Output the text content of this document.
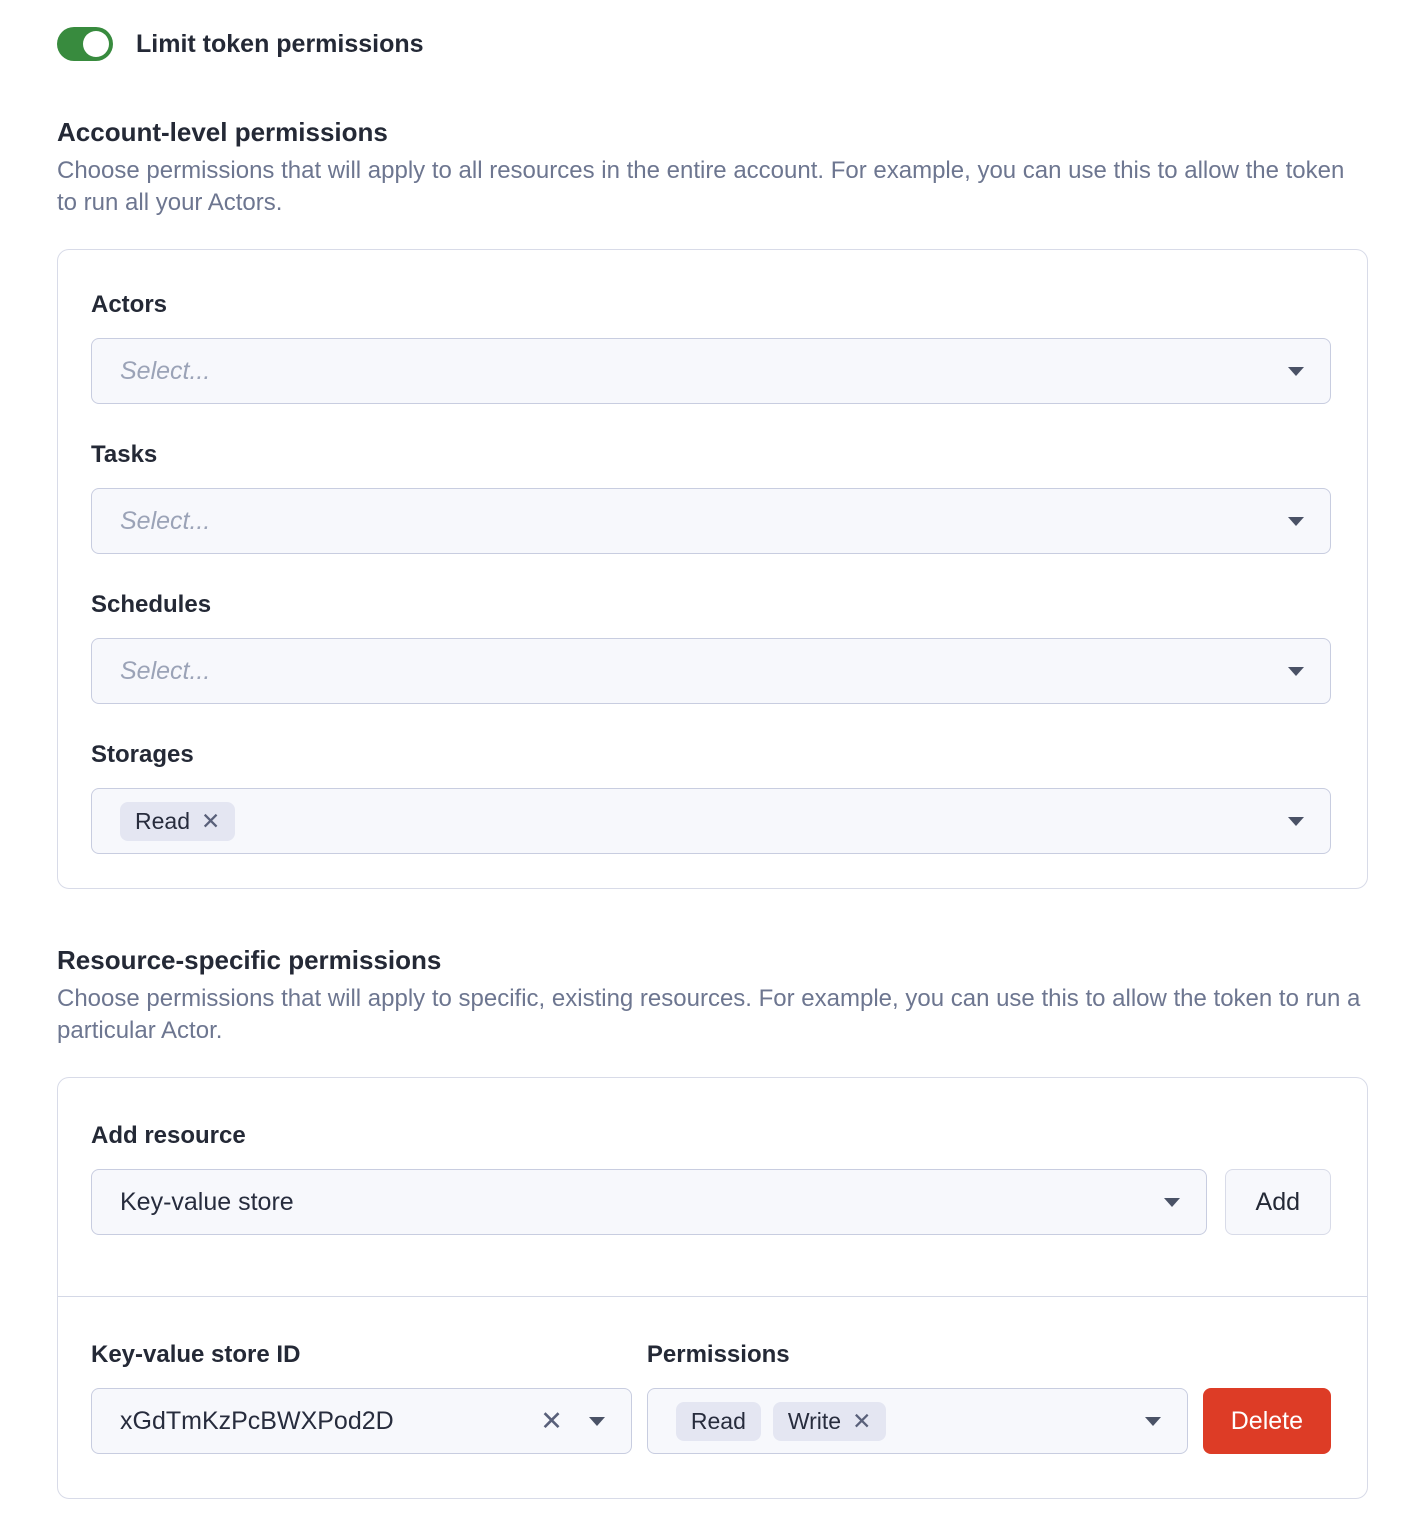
Limit token permissions
Account-level permissions

Choose permissions that will apply to all resources in the entire account. For example, you can use this to allow the token to run all your Actors.

Actors
Select...
Tasks
Select...
Schedules
Select...
Storages
Read ✕
Resource-specific permissions

Choose permissions that will apply to specific, existing resources. For example, you can use this to allow the token to run a particular Actor.

Add resource
Key-value store	Add
Key-value store ID
xGdTmKzPcBWXPod2D	✕
Permissions
Read Write ✕	Delete
